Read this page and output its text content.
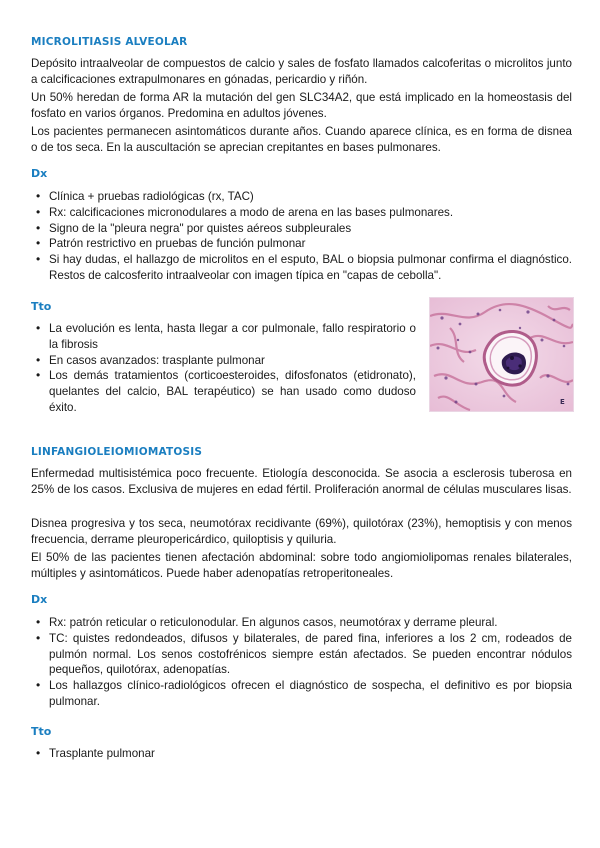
MICROLITIASIS ALVEOLAR

Depósito intraalveolar de compuestos de calcio y sales de fosfato llamados calcoferitas o microlitos junto a calcificaciones extrapulmonares en gónadas, pericardio y riñón.

Un 50% heredan de forma AR la mutación del gen SLC34A2, que está implicado en la homeostasis del fosfato en varios órganos. Predomina en adultos jóvenes.

Los pacientes permanecen asintomáticos durante años. Cuando aparece clínica, es en forma de disnea o de tos seca. En la auscultación se aprecian crepitantes en bases pulmonares.

Dx
• Clínica + pruebas radiológicas (rx, TAC)
• Rx: calcificaciones micronodulares a modo de arena en las bases pulmonares.
• Signo de la "pleura negra" por quistes aéreos subpleurales
• Patrón restrictivo en pruebas de función pulmonar
• Si hay dudas, el hallazgo de microlitos en el esputo, BAL o biopsia pulmonar confirma el diagnóstico. Restos de calcosferito intraalveolar con imagen típica en "capas de cebolla".
Tto
• La evolución es lenta, hasta llegar a cor pulmonale, fallo respiratorio o la fibrosis
• En casos avanzados: trasplante pulmonar
• Los demás tratamientos (corticoesteroides, difosfonatos (etidronato), quelantes del calcio, BAL terapéutico) se han usado como dudoso éxito.	E
LINFANGIOLEIOMIOMATOSIS

Enfermedad multisistémica poco frecuente. Etiología desconocida. Se asocia a esclerosis tuberosa en 25% de los casos. Exclusiva de mujeres en edad fértil. Proliferación anormal de células musculares lisas.

Disnea progresiva y tos seca, neumotórax recidivante (69%), quilotórax (23%), hemoptisis y con menos frecuencia, derrame pleuropericárdico, quiloptisis y quiluria.

El 50% de las pacientes tienen afectación abdominal: sobre todo angiomiolipomas renales bilaterales, múltiples y asintomáticos. Puede haber adenopatías retroperitoneales.

Dx
• Rx: patrón reticular o reticulonodular. En algunos casos, neumotórax y derrame pleural.
• TC: quistes redondeados, difusos y bilaterales, de pared fina, inferiores a los 2 cm, rodeados de pulmón normal. Los senos costofrénicos siempre están afectados. Se pueden encontrar nódulos pequeños, quilotórax, adenopatías.
• Los hallazgos clínico-radiológicos ofrecen el diagnóstico de sospecha, el definitivo es por biopsia pulmonar.
Tto
• Trasplante pulmonar
